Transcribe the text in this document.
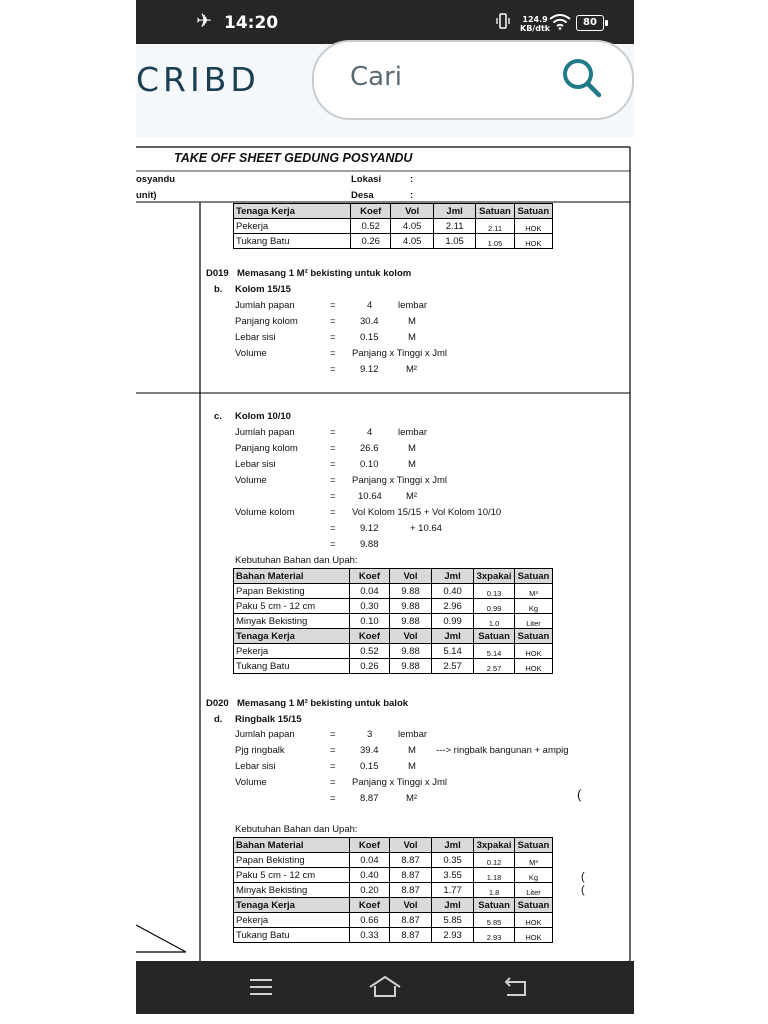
✈ 14:20	124.9
KB/dtk
80
CRIBD	Cari
TAKE OFF SHEET GEDUNG POSYANDU
osyandu
unit)
Lokasi	:
Desa	:
Tenaga Kerja	Koef	Vol	Jml	Satuan	Satuan
Pekerja	0.52	4.05	2.11	2.11	HOK
Tukang Batu	0.26	4.05	1.05	1.05	HOK
D019 Memasang 1 M² bekisting untuk kolom
b. Kolom 15/15
Jumlah papan	=	4	lembar
Panjang kolom	=	30.4	M
Lebar sisi	=	0.15	M
Volume	= Panjang x Tinggi x Jml
=	9.12	M²
c. Kolom 10/10
Jumlah papan	=	4	lembar
Panjang kolom	=	26.6	M
Lebar sisi	=	0.10	M
Volume	= Panjang x Tinggi x Jml
= 10.64	M²
Volume kolom	= Vol Kolom 15/15 + Vol Kolom 10/10
=	9.12	+ 10.64
=	9.88
Kebutuhan Bahan dan Upah:
Bahan Material	Koef	Vol	Jml	3xpakai	Satuan
Papan Bekisting	0.04	9.88	0.40	0.13	M³
Paku 5 cm - 12 cm	0.30	9.88	2.96	0.99	Kg
Minyak Bekisting	0.10	9.88	0.99	1.0	Liter
Tenaga Kerja	Koef	Vol	Jml	Satuan	Satuan
Pekerja	0.52	9.88	5.14	5.14	HOK
Tukang Batu	0.26	9.88	2.57	2.57	HOK
D020 Memasang 1 M² bekisting untuk balok
d. Ringbalk 15/15
Jumlah papan	=	3	lembar
Pjg ringbalk	=	39.4	M ---> ringbalk bangunan + ampig
Lebar sisi	=	0.15	M
Volume	= Panjang x Tinggi x Jml
=	8.87	M²	(
(
(
Kebutuhan Bahan dan Upah:
Bahan Material	Koef	Vol	Jml	3xpakai	Satuan
Papan Bekisting	0.04	8.87	0.35	0.12	M³
Paku 5 cm - 12 cm	0.40	8.87	3.55	1.18	Kg
Minyak Bekisting	0.20	8.87	1.77	1.8	Liter
Tenaga Kerja	Koef	Vol	Jml	Satuan	Satuan
Pekerja	0.66	8.87	5.85	5.85	HOK
Tukang Batu	0.33	8.87	2.93	2.93	HOK
